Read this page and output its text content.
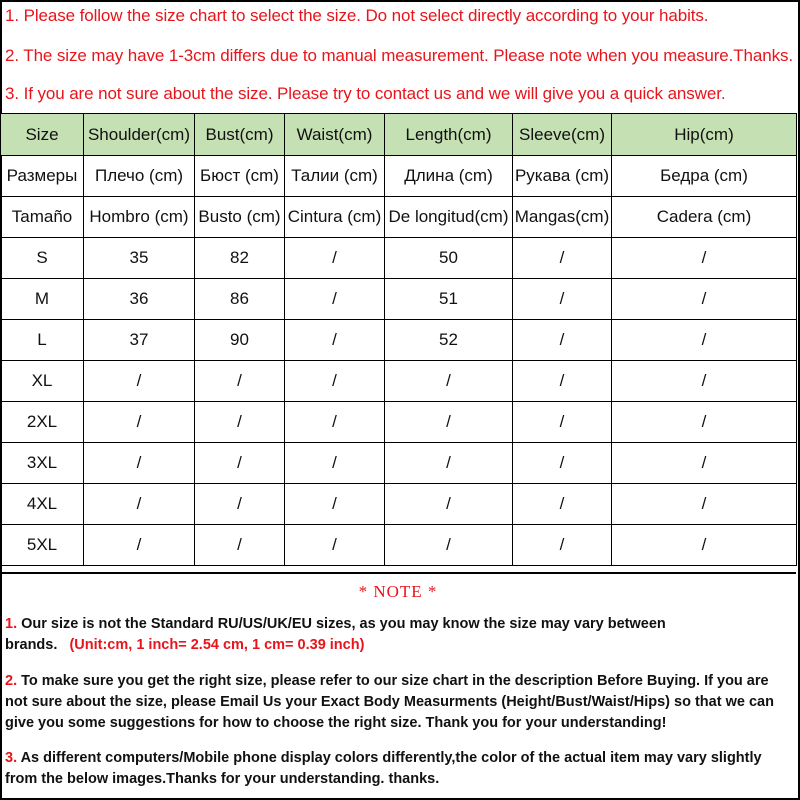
1. Please follow the size chart to select the size. Do not select directly according to your habits.
2. The size may have 1-3cm differs due to manual measurement. Please note when you measure.Thanks.
3. If you are not sure about the size. Please try to contact us and we will give you a quick answer.
Size	Shoulder(cm)	Bust(cm)	Waist(cm)	Length(cm)	Sleeve(cm)	Hip(cm)
Размеры	Плечо (cm)	Бюст (cm)	Талии (cm)	Длина (cm)	Рукава (cm)	Бедра (cm)
Tamaño	Hombro (cm)	Busto (cm)	Cintura (cm)	De longitud(cm)	Mangas(cm)	Cadera (cm)
S	35	82	/	50	/	/
M	36	86	/	51	/	/
L	37	90	/	52	/	/
XL	/	/	/	/	/	/
2XL	/	/	/	/	/	/
3XL	/	/	/	/	/	/
4XL	/	/	/	/	/	/
5XL	/	/	/	/	/	/
* NOTE *
1. Our size is not the Standard RU/US/UK/EU sizes, as you may know the size may vary between brands. (Unit:cm, 1 inch= 2.54 cm, 1 cm= 0.39 inch)
2. To make sure you get the right size, please refer to our size chart in the description Before Buying. If you are not sure about the size, please Email Us your Exact Body Measurments (Height/Bust/Waist/Hips) so that we can give you some suggestions for how to choose the right size. Thank you for your understanding!
3. As different computers/Mobile phone display colors differently,the color of the actual item may vary slightly from the below images.Thanks for your understanding. thanks.
